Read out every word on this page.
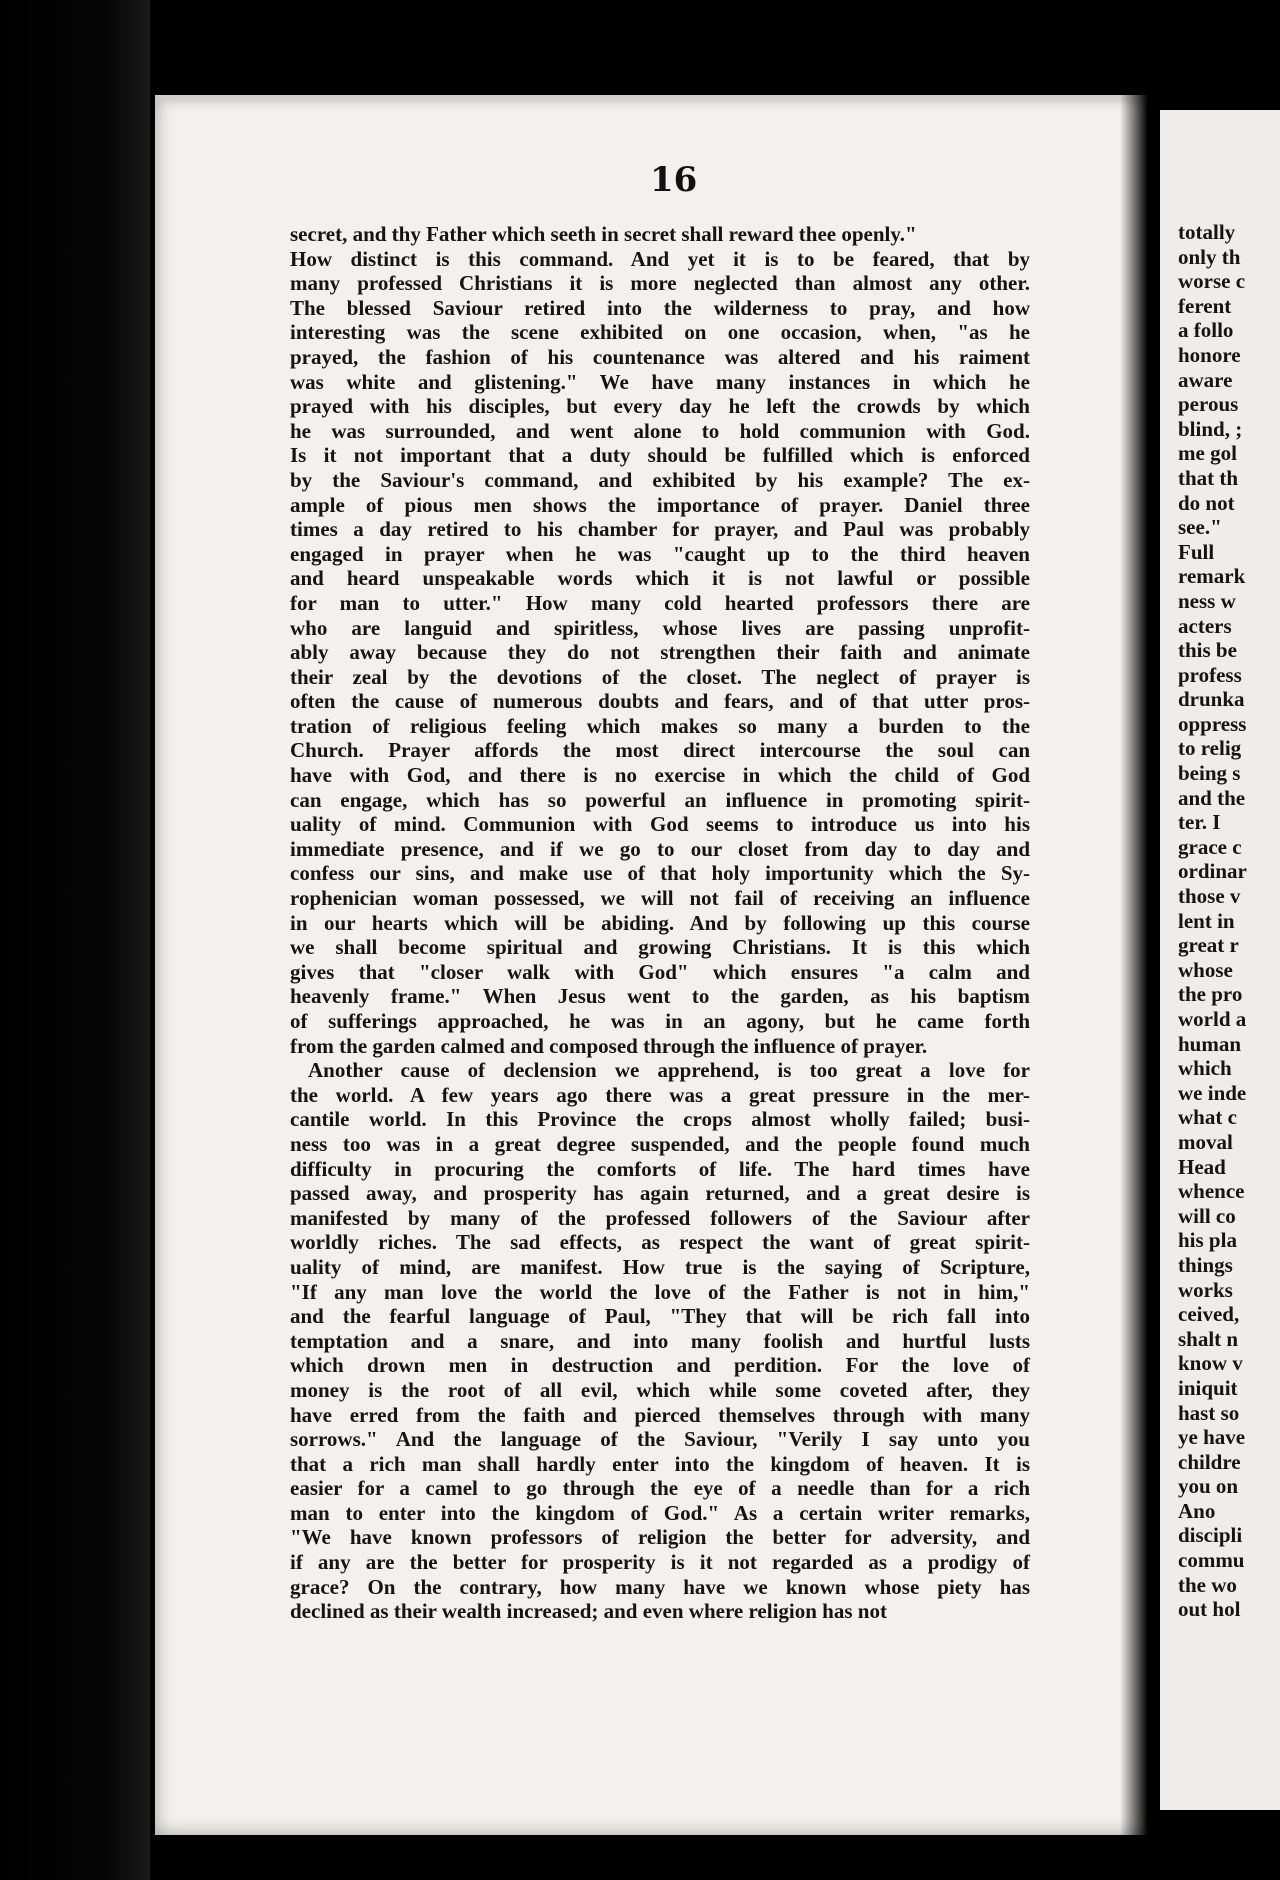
16
secret, and thy Father which seeth in secret shall reward thee openly."
How distinct is this command. And yet it is to be feared, that by
many professed Christians it is more neglected than almost any other.
The blessed Saviour retired into the wilderness to pray, and how
interesting was the scene exhibited on one occasion, when, "as he
prayed, the fashion of his countenance was altered and his raiment
was white and glistening." We have many instances in which he
prayed with his disciples, but every day he left the crowds by which
he was surrounded, and went alone to hold communion with God.
Is it not important that a duty should be fulfilled which is enforced
by the Saviour's command, and exhibited by his example? The ex-
ample of pious men shows the importance of prayer. Daniel three
times a day retired to his chamber for prayer, and Paul was probably
engaged in prayer when he was "caught up to the third heaven
and heard unspeakable words which it is not lawful or possible
for man to utter." How many cold hearted professors there are
who are languid and spiritless, whose lives are passing unprofit-
ably away because they do not strengthen their faith and animate
their zeal by the devotions of the closet. The neglect of prayer is
often the cause of numerous doubts and fears, and of that utter pros-
tration of religious feeling which makes so many a burden to the
Church. Prayer affords the most direct intercourse the soul can
have with God, and there is no exercise in which the child of God
can engage, which has so powerful an influence in promoting spirit-
uality of mind. Communion with God seems to introduce us into his
immediate presence, and if we go to our closet from day to day and
confess our sins, and make use of that holy importunity which the Sy-
rophenician woman possessed, we will not fail of receiving an influence
in our hearts which will be abiding. And by following up this course
we shall become spiritual and growing Christians. It is this which
gives that "closer walk with God" which ensures "a calm and
heavenly frame." When Jesus went to the garden, as his baptism
of sufferings approached, he was in an agony, but he came forth
from the garden calmed and composed through the influence of prayer.
Another cause of declension we apprehend, is too great a love for
the world. A few years ago there was a great pressure in the mer-
cantile world. In this Province the crops almost wholly failed; busi-
ness too was in a great degree suspended, and the people found much
difficulty in procuring the comforts of life. The hard times have
passed away, and prosperity has again returned, and a great desire is
manifested by many of the professed followers of the Saviour after
worldly riches. The sad effects, as respect the want of great spirit-
uality of mind, are manifest. How true is the saying of Scripture,
"If any man love the world the love of the Father is not in him,"
and the fearful language of Paul, "They that will be rich fall into
temptation and a snare, and into many foolish and hurtful lusts
which drown men in destruction and perdition. For the love of
money is the root of all evil, which while some coveted after, they
have erred from the faith and pierced themselves through with many
sorrows." And the language of the Saviour, "Verily I say unto you
that a rich man shall hardly enter into the kingdom of heaven. It is
easier for a camel to go through the eye of a needle than for a rich
man to enter into the kingdom of God." As a certain writer remarks,
"We have known professors of religion the better for adversity, and
if any are the better for prosperity is it not regarded as a prodigy of
grace? On the contrary, how many have we known whose piety has
declined as their wealth increased; and even where religion has not
totally
only th
worse c
ferent
a follo
honore
aware
perous
blind, ;
me gol
that th
do not
see."
Full
remark
ness w
acters
this be
profess
drunka
oppress
to relig
being s
and the
ter. I
grace c
ordinar
those v
lent in
great r
whose
the pro
world a
human
which
we inde
what c
moval
Head
whence
will co
his pla
things
works
ceived,
shalt n
know v
iniquit
hast so
ye have
childre
you on
Ano
discipli
commu
the wo
out hol
